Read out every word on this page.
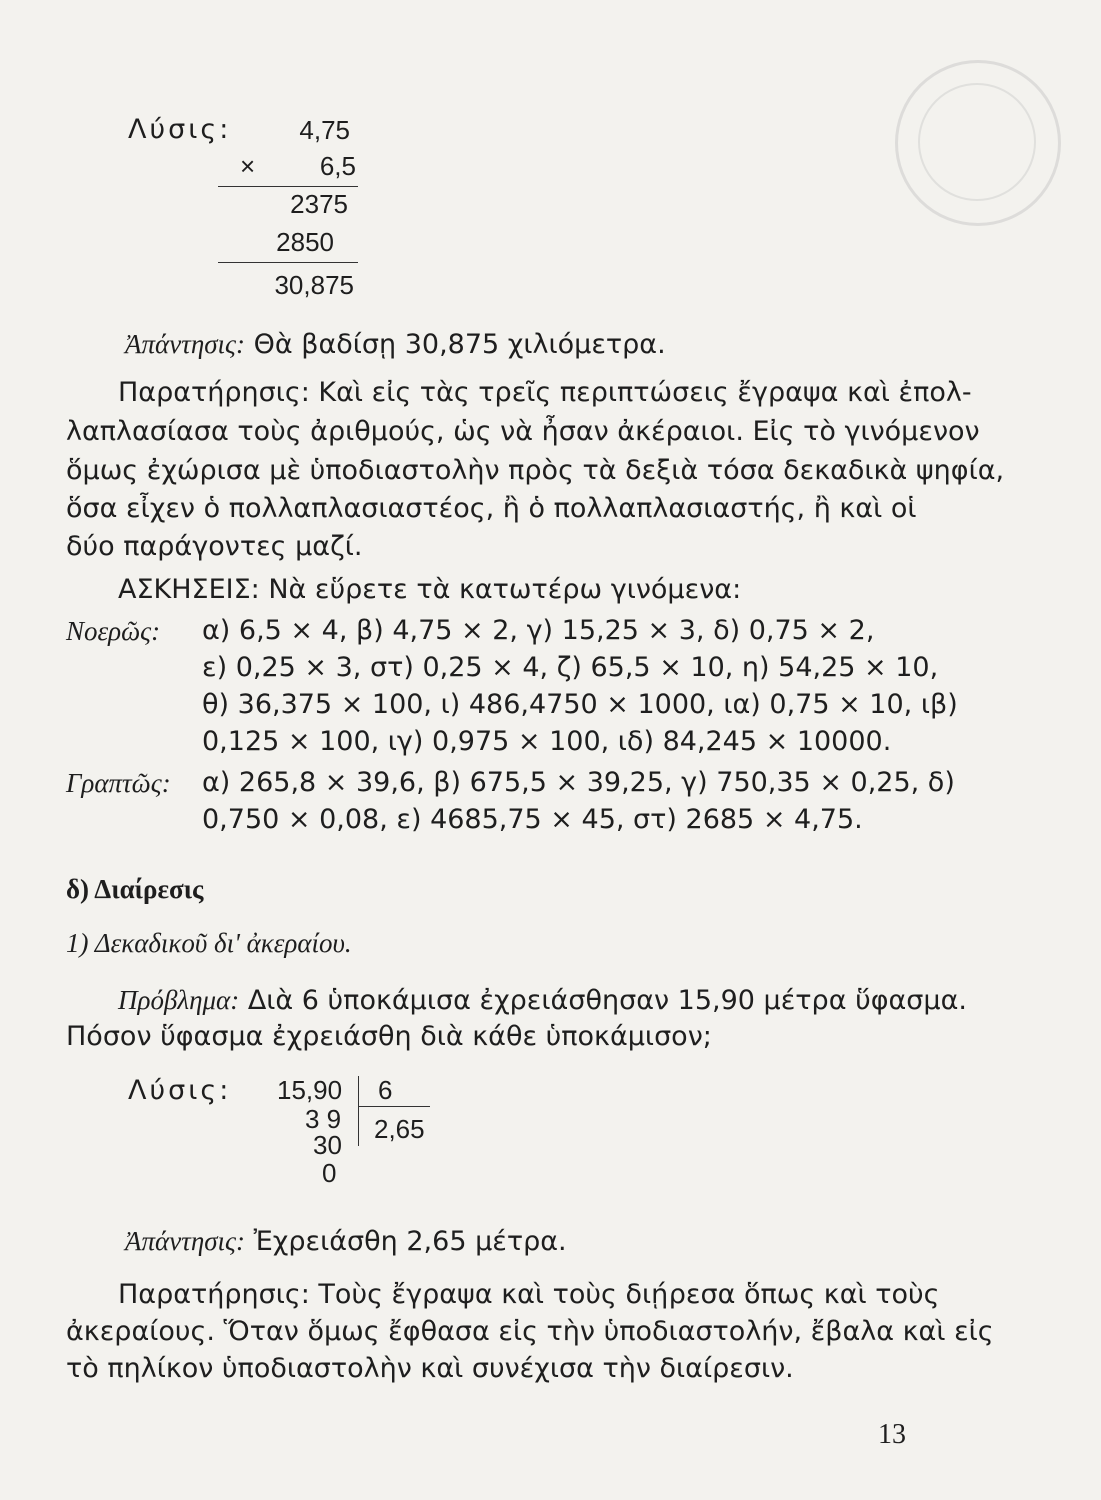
Λύσις:	4,75
×	6,5
2375
2850
30,875
Ἀπάντησις: Θὰ βαδίσῃ 30,875 χιλιόμετρα.
Παρατήρησις: Καὶ εἰς τὰς τρεῖς περιπτώσεις ἔγραψα καὶ ἐπολ-
λαπλασίασα τοὺς ἀριθμούς, ὡς νὰ ἦσαν ἀκέραιοι. Εἰς τὸ γινόμενον
ὅμως ἐχώρισα μὲ ὑποδιαστολὴν πρὸς τὰ δεξιὰ τόσα δεκαδικὰ ψηφία,
ὅσα εἶχεν ὁ πολλαπλασιαστέος, ἢ ὁ πολλαπλασιαστής, ἢ καὶ οἱ
δύο παράγοντες μαζί.
ΑΣΚΗΣΕΙΣ: Νὰ εὕρετε τὰ κατωτέρω γινόμενα:
Νοερῶς: α) 6,5 × 4, β) 4,75 × 2, γ) 15,25 × 3, δ) 0,75 × 2,
ε) 0,25 × 3, στ) 0,25 × 4, ζ) 65,5 × 10, η) 54,25 × 10,
θ) 36,375 × 100, ι) 486,4750 × 1000, ια) 0,75 × 10, ιβ)
0,125 × 100, ιγ) 0,975 × 100, ιδ) 84,245 × 10000.
Γραπτῶς: α) 265,8 × 39,6, β) 675,5 × 39,25, γ) 750,35 × 0,25, δ)
0,750 × 0,08, ε) 4685,75 × 45, στ) 2685 × 4,75.
δ) Διαίρεσις
1) Δεκαδικοῦ δι' ἀκεραίου.
Πρόβλημα: Διὰ 6 ὑποκάμισα ἐχρειάσθησαν 15,90 μέτρα ὕφασμα.
Πόσον ὕφασμα ἐχρειάσθη διὰ κάθε ὑποκάμισον;
Λύσις: 15,90 6
3 9 2,65
30
0
Ἀπάντησις: Ἐχρειάσθη 2,65 μέτρα.
Παρατήρησις: Τοὺς ἔγραψα καὶ τοὺς διῄρεσα ὅπως καὶ τοὺς
ἀκεραίους. Ὅταν ὅμως ἔφθασα εἰς τὴν ὑποδιαστολήν, ἔβαλα καὶ εἰς
τὸ πηλίκον ὑποδιαστολὴν καὶ συνέχισα τὴν διαίρεσιν.
13
